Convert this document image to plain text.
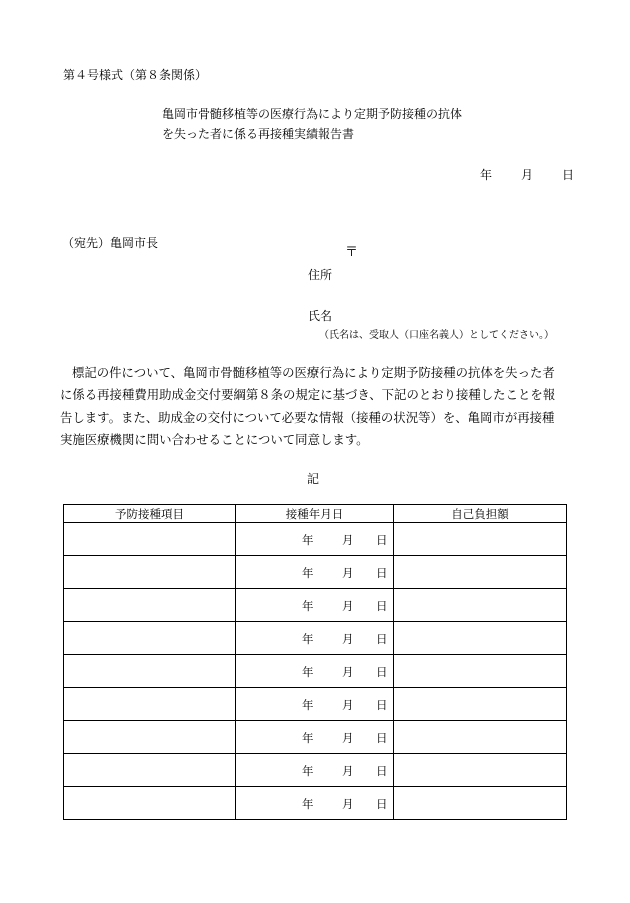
第４号様式（第８条関係）
亀岡市骨髄移植等の医療行為により定期予防接種の抗体
を失った者に係る再接種実績報告書
年 月 日
（宛先）亀岡市長
〒
住所
氏名
（氏名は、受取人（口座名義人）としてください。）
標記の件について、亀岡市骨髄移植等の医療行為により定期予防接種の抗体を失った者に係る再接種費用助成金交付要綱第８条の規定に基づき、下記のとおり接種したことを報告します。また、助成金の交付について必要な情報（接種の状況等）を、亀岡市が再接種実施医療機関に問い合わせることについて同意します。
記
予防接種項目	接種年月日	自己負担額

	年 月 日	

	年 月 日	

	年 月 日	

	年 月 日	

	年 月 日	

	年 月 日	

	年 月 日	

	年 月 日	

	年 月 日	
